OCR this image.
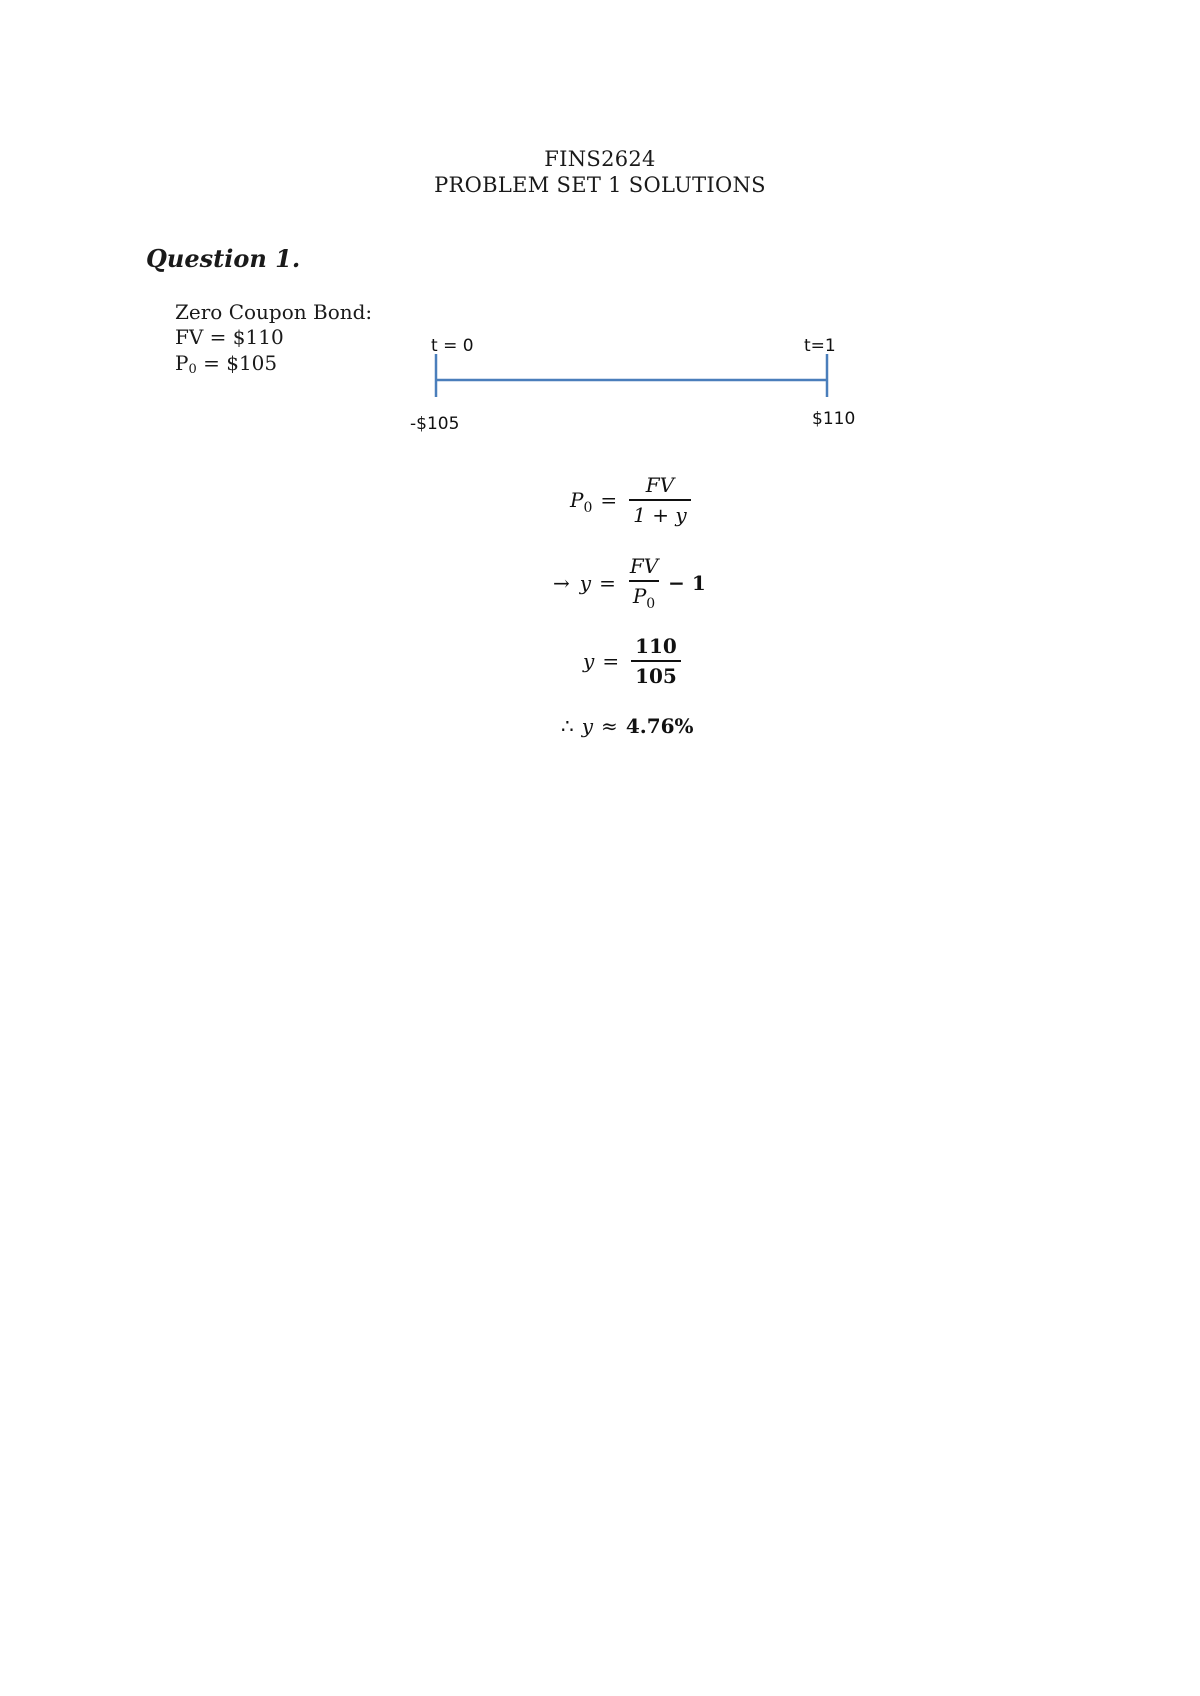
FINS2624
PROBLEM SET 1 SOLUTIONS
Question 1.
Zero Coupon Bond:
FV = $110
P0 = $105
t = 0	t=1
-$105	$110
$P_0 = \frac{FV}{1 + y}$
→ $y = \frac{FV}{P_0} - 1$
$y = \frac{110}{105}$
∴ y ≈ 4.76%
